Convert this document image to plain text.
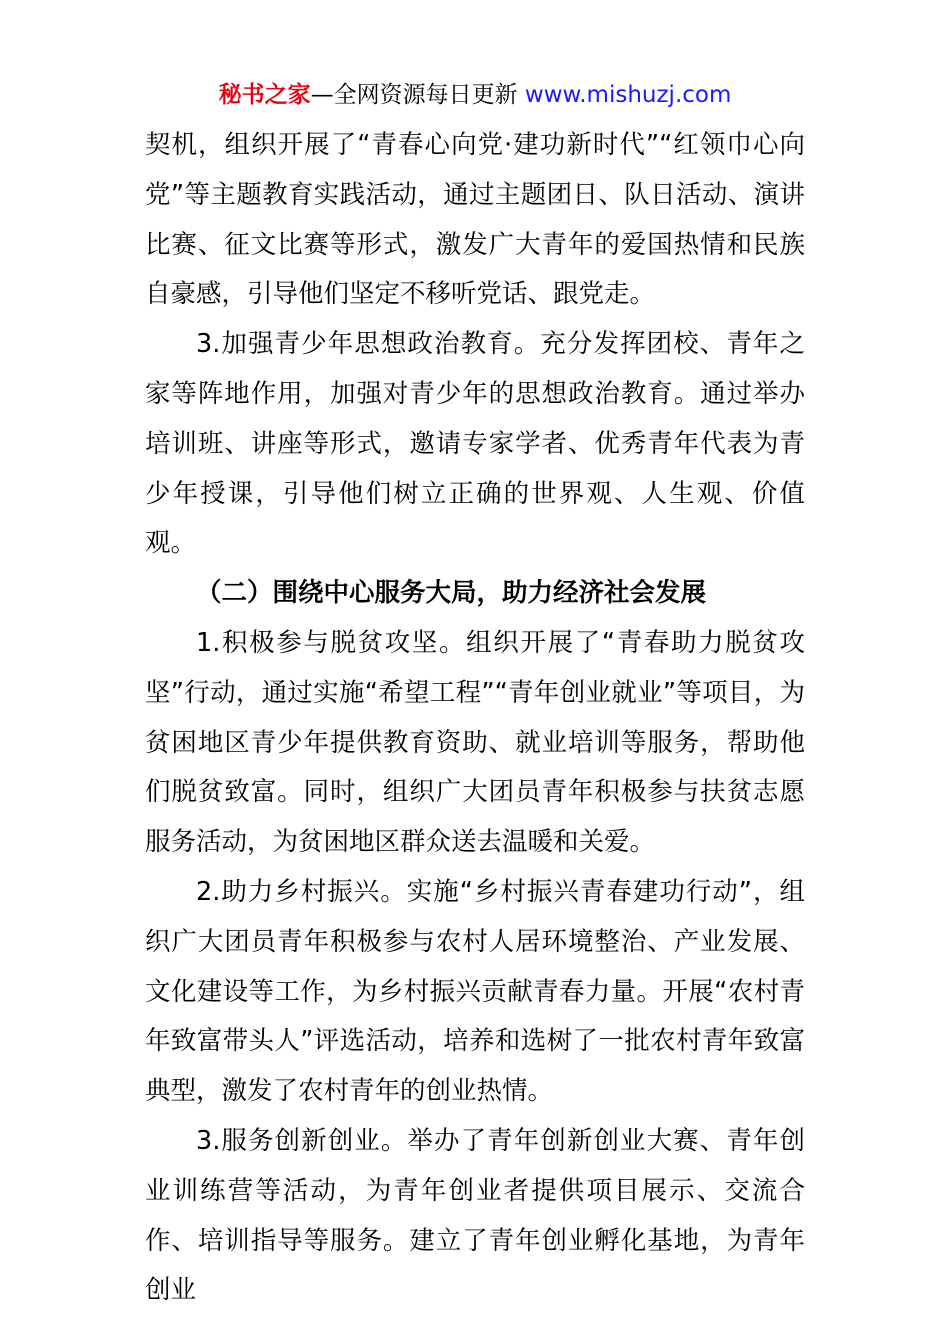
秘书之家—全网资源每日更新 www.mishuzj.com

契机，组织开展了“青春心向党·建功新时代”“红领巾心向党”等主题教育实践活动，通过主题团日、队日活动、演讲比赛、征文比赛等形式，激发广大青年的爱国热情和民族自豪感，引导他们坚定不移听党话、跟党走。

3.加强青少年思想政治教育。充分发挥团校、青年之家等阵地作用，加强对青少年的思想政治教育。通过举办培训班、讲座等形式，邀请专家学者、优秀青年代表为青少年授课，引导他们树立正确的世界观、人生观、价值观。

（二）围绕中心服务大局，助力经济社会发展

1.积极参与脱贫攻坚。组织开展了“青春助力脱贫攻坚”行动，通过实施“希望工程”“青年创业就业”等项目，为贫困地区青少年提供教育资助、就业培训等服务，帮助他们脱贫致富。同时，组织广大团员青年积极参与扶贫志愿服务活动，为贫困地区群众送去温暖和关爱。

2.助力乡村振兴。实施“乡村振兴青春建功行动”，组织广大团员青年积极参与农村人居环境整治、产业发展、文化建设等工作，为乡村振兴贡献青春力量。开展“农村青年致富带头人”评选活动，培养和选树了一批农村青年致富典型，激发了农村青年的创业热情。

3.服务创新创业。举办了青年创新创业大赛、青年创业训练营等活动，为青年创业者提供项目展示、交流合作、培训指导等服务。建立了青年创业孵化基地，为青年创业
